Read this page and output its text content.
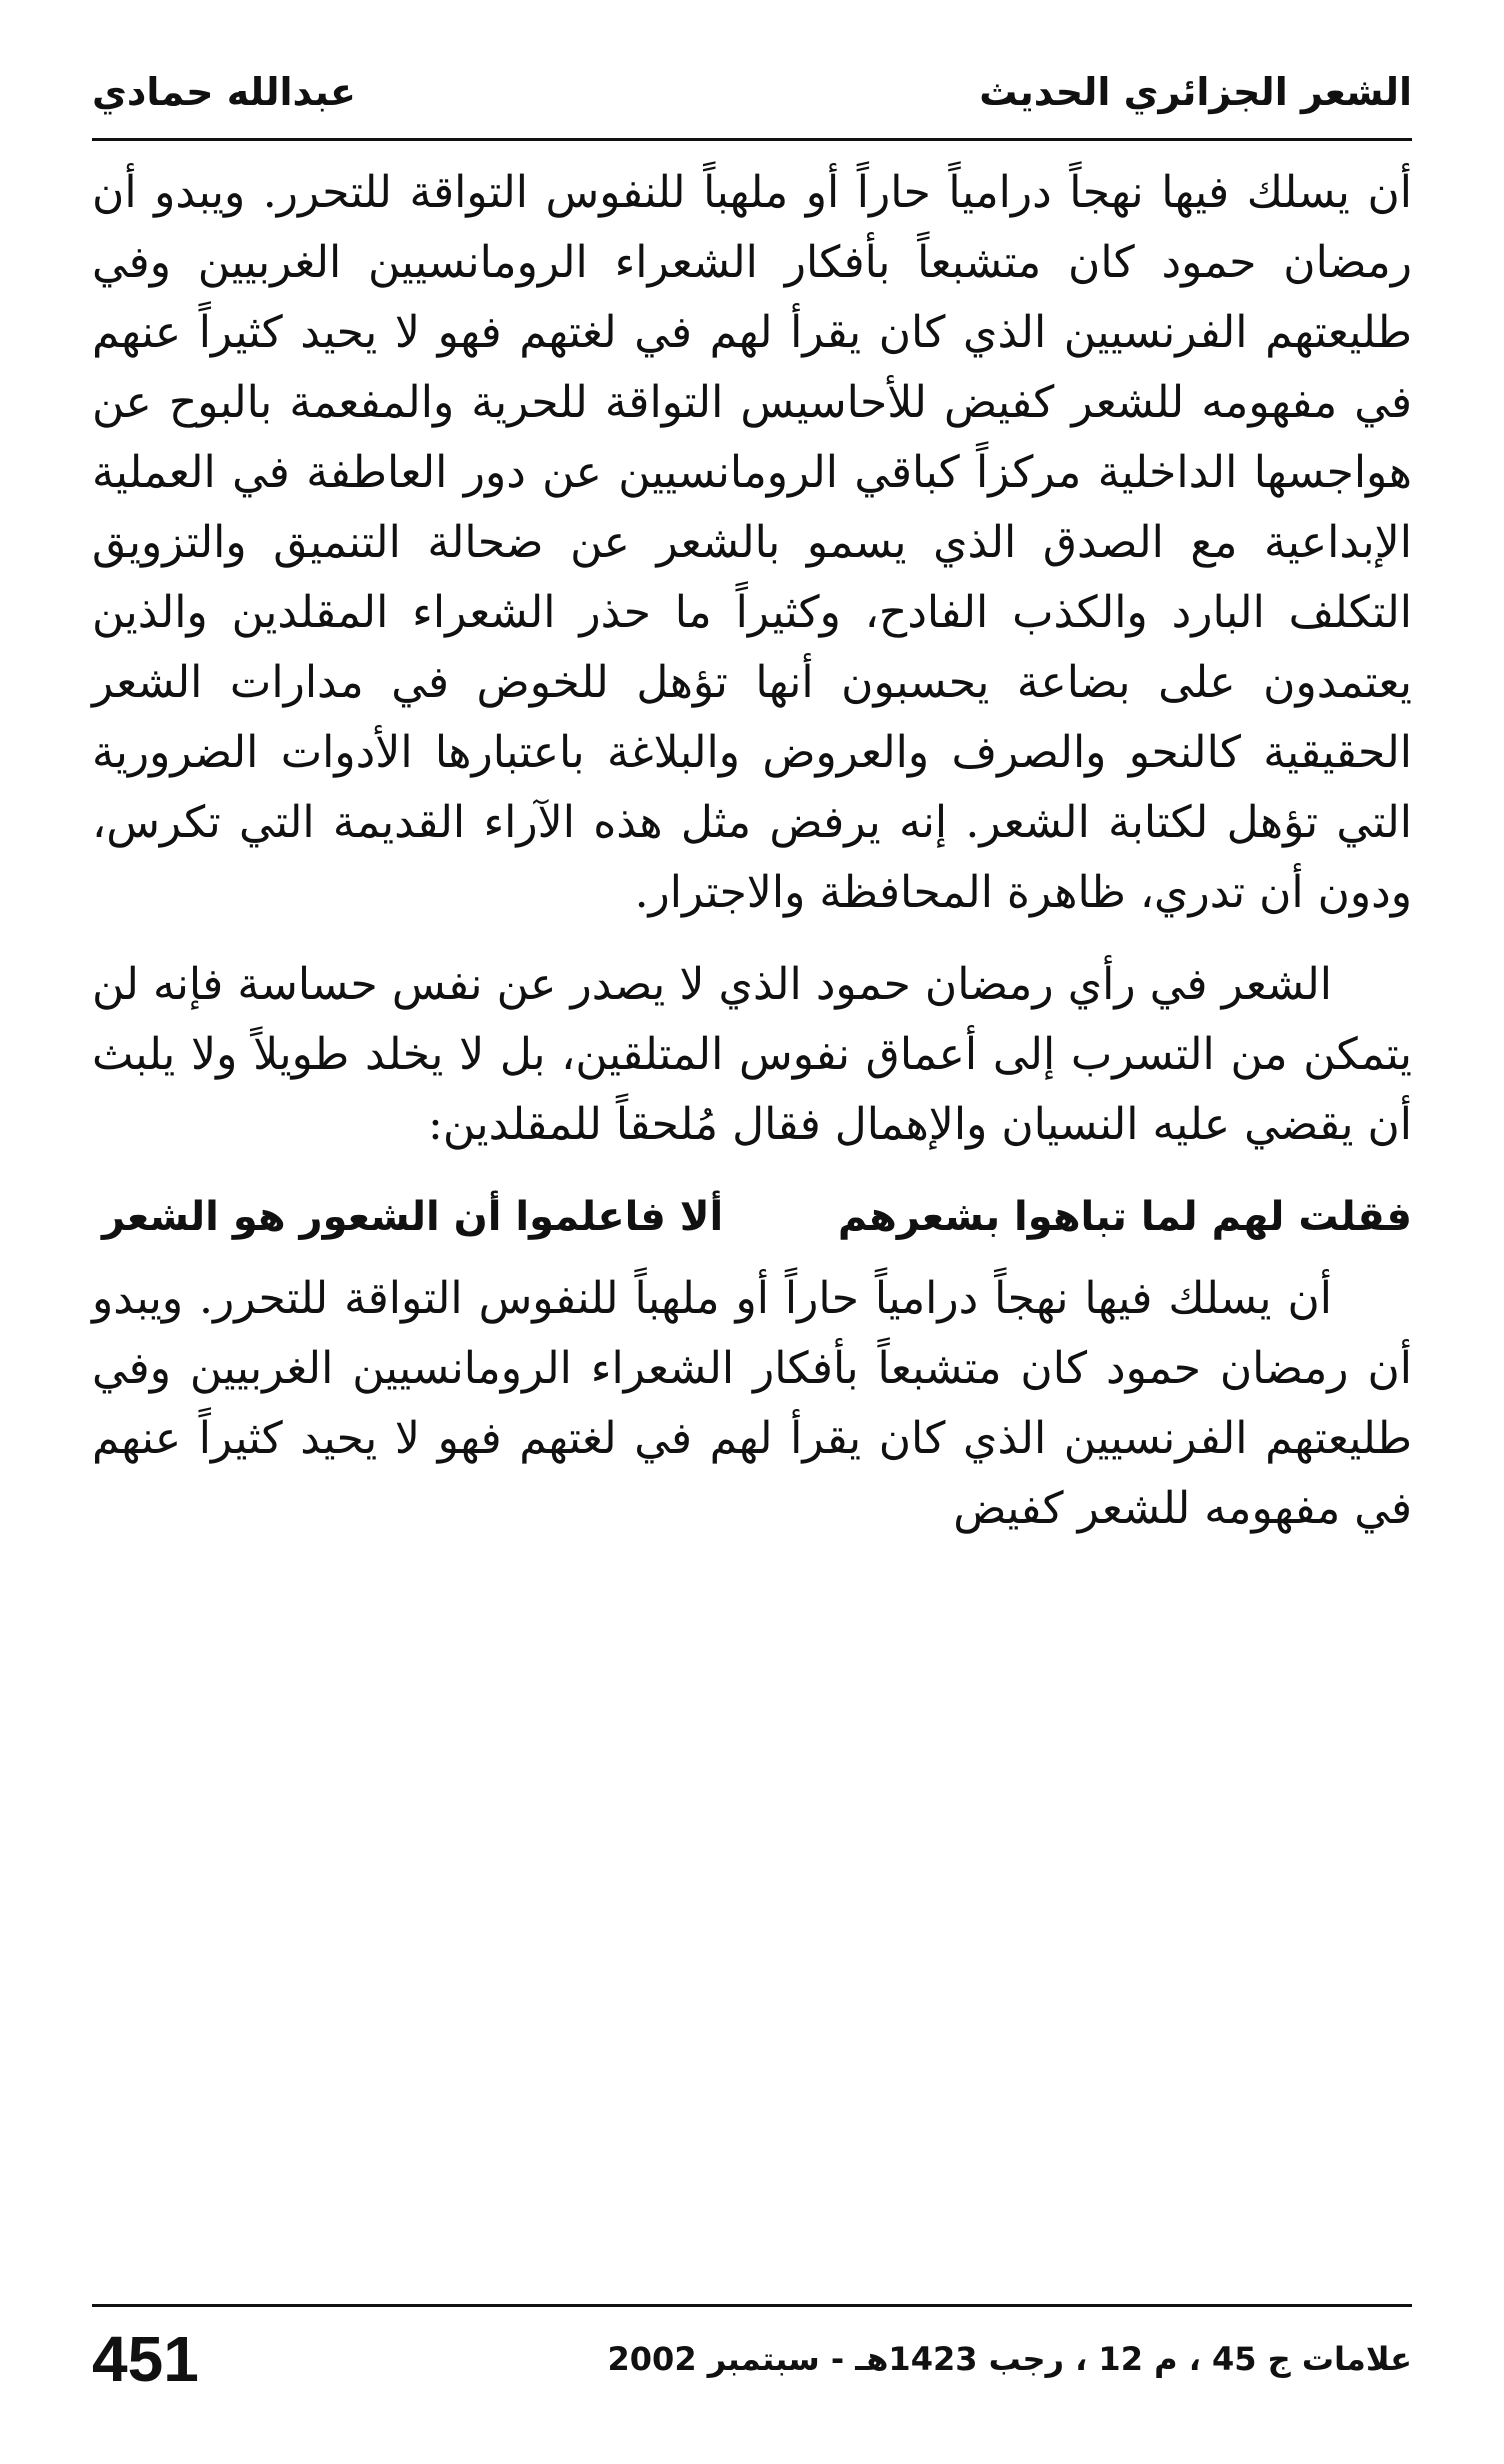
الشعر الجزائري الحديث
عبدالله حمادي

أن يسلك فيها نهجاً درامياً حاراً أو ملهباً للنفوس التواقة للتحرر. ويبدو أن رمضان حمود كان متشبعاً بأفكار الشعراء الرومانسيين الغربيين وفي طليعتهم الفرنسيين الذي كان يقرأ لهم في لغتهم فهو لا يحيد كثيراً عنهم في مفهومه للشعر كفيض للأحاسيس التواقة للحرية والمفعمة بالبوح عن هواجسها الداخلية مركزاً كباقي الرومانسيين عن دور العاطفة في العملية الإبداعية مع الصدق الذي يسمو بالشعر عن ضحالة التنميق والتزويق التكلف البارد والكذب الفادح، وكثيراً ما حذر الشعراء المقلدين والذين يعتمدون على بضاعة يحسبون أنها تؤهل للخوض في مدارات الشعر الحقيقية كالنحو والصرف والعروض والبلاغة باعتبارها الأدوات الضرورية التي تؤهل لكتابة الشعر. إنه يرفض مثل هذه الآراء القديمة التي تكرس، ودون أن تدري، ظاهرة المحافظة والاجترار.

الشعر في رأي رمضان حمود الذي لا يصدر عن نفس حساسة فإنه لن يتمكن من التسرب إلى أعماق نفوس المتلقين، بل لا يخلد طويلاً ولا يلبث أن يقضي عليه النسيان والإهمال فقال مُلحقاً للمقلدين:

فقلت لهم لما تباهوا بشعرهم
ألا فاعلموا أن الشعور هو الشعر

أن يسلك فيها نهجاً درامياً حاراً أو ملهباً للنفوس التواقة للتحرر. ويبدو أن رمضان حمود كان متشبعاً بأفكار الشعراء الرومانسيين الغربيين وفي طليعتهم الفرنسيين الذي كان يقرأ لهم في لغتهم فهو لا يحيد كثيراً عنهم في مفهومه للشعر كفيض

علامات ج 45 ، م 12 ، رجب 1423هـ - سبتمبر 2002
451
